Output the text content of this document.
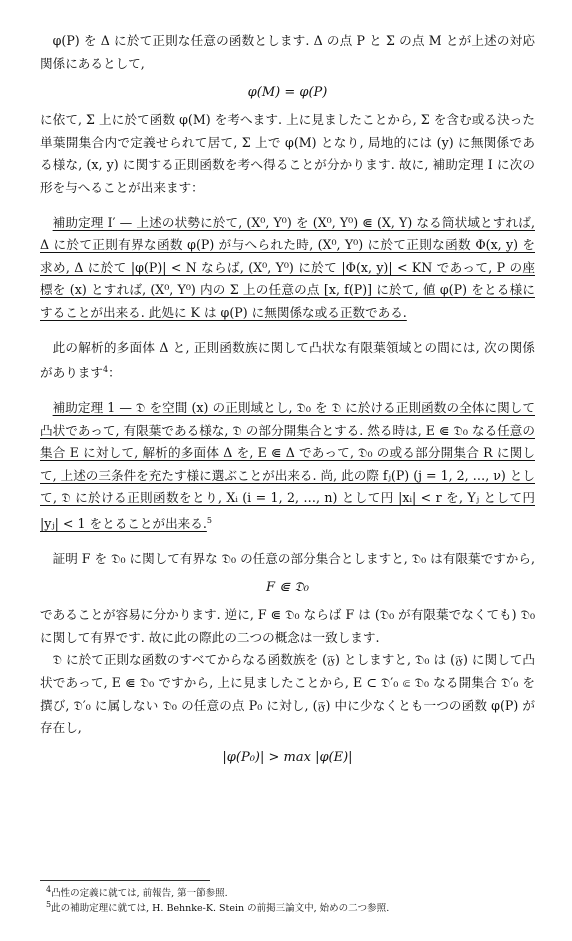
φ(P) を Δ に於て正則な任意の函数とします. Δ の点 P と Σ の点 M とが上述の対応関係にあるとして,

φ(M) = φ(P)

に依て, Σ 上に於て函数 φ(M) を考へます. 上に見ましたことから, Σ を含む或る決った単葉開集合内で定義せられて居て, Σ 上で φ(M) となり, 局地的には (y) に無関係である様な, (x, y) に関する正則函数を考へ得ることが分かります. 故に, 補助定理 I に次の形を与へることが出来ます：

補助定理 I′ — 上述の状勢に於て, (X⁰, Y⁰) を (X⁰, Y⁰) ⋐ (X, Y) なる筒状域とすれば, Δ に於て正則有界な函数 φ(P) が与へられた時, (X⁰, Y⁰) に於て正則な函数 Φ(x, y) を求め, Δ に於て |φ(P)| < N ならば, (X⁰, Y⁰) に於て |Φ(x, y)| < KN であって, P の座標を (x) とすれば, (X⁰, Y⁰) 内の Σ 上の任意の点 [x, f(P)] に於て, 値 φ(P) をとる様にすることが出来る. 此処に K は φ(P) に無関係な或る正数である.

此の解析的多面体 Δ と, 正則函数族に関して凸状な有限葉領域との間には, 次の関係があります$^4$：

補助定理 1 — 𝔇 を空間 (x) の正則域とし, 𝔇₀ を 𝔇 に於ける正則函数の全体に関して凸状であって, 有限葉である様な, 𝔇 の部分開集合とする. 然る時は, E ⋐ 𝔇₀ なる任意の集合 E に対して, 解析的多面体 Δ を, E ⋐ Δ であって, 𝔇₀ の或る部分開集合 R に関して, 上述の三条件を充たす様に選ぶことが出来る. 尚, 此の際 fⱼ(P) (j = 1, 2, …, ν) として, 𝔇 に於ける正則函数をとり, Xᵢ (i = 1, 2, …, n) として円 |xᵢ| < r を, Yⱼ として円 |yⱼ| < 1 をとることが出来る.$^5$

証明 F を 𝔇₀ に関して有界な 𝔇₀ の任意の部分集合としますと, 𝔇₀ は有限葉ですから,

F ⋐ 𝔇₀

であることが容易に分かります. 逆に, F ⋐ 𝔇₀ ならば F は (𝔇₀ が有限葉でなくても) 𝔇₀ に関して有界です. 故に此の際此の二つの概念は一致します.

𝔇 に於て正則な函数のすべてからなる函数族を (𝔉) としますと, 𝔇₀ は (𝔉) に関して凸状であって, E ⋐ 𝔇₀ ですから, 上に見ましたことから, E ⊂ 𝔇′₀ ⋐ 𝔇₀ なる開集合 𝔇′₀ を撰び, 𝔇′₀ に属しない 𝔇₀ の任意の点 P₀ に対し, (𝔉) 中に少なくとも一つの函数 φ(P) が存在し,

|φ(P₀)| > max |φ(E)|
$^4$凸性の定義に就ては, 前報告, 第一節参照.
$^5$此の補助定理に就ては, H. Behnke-K. Stein の前掲三論文中, 始めの二つ参照.
